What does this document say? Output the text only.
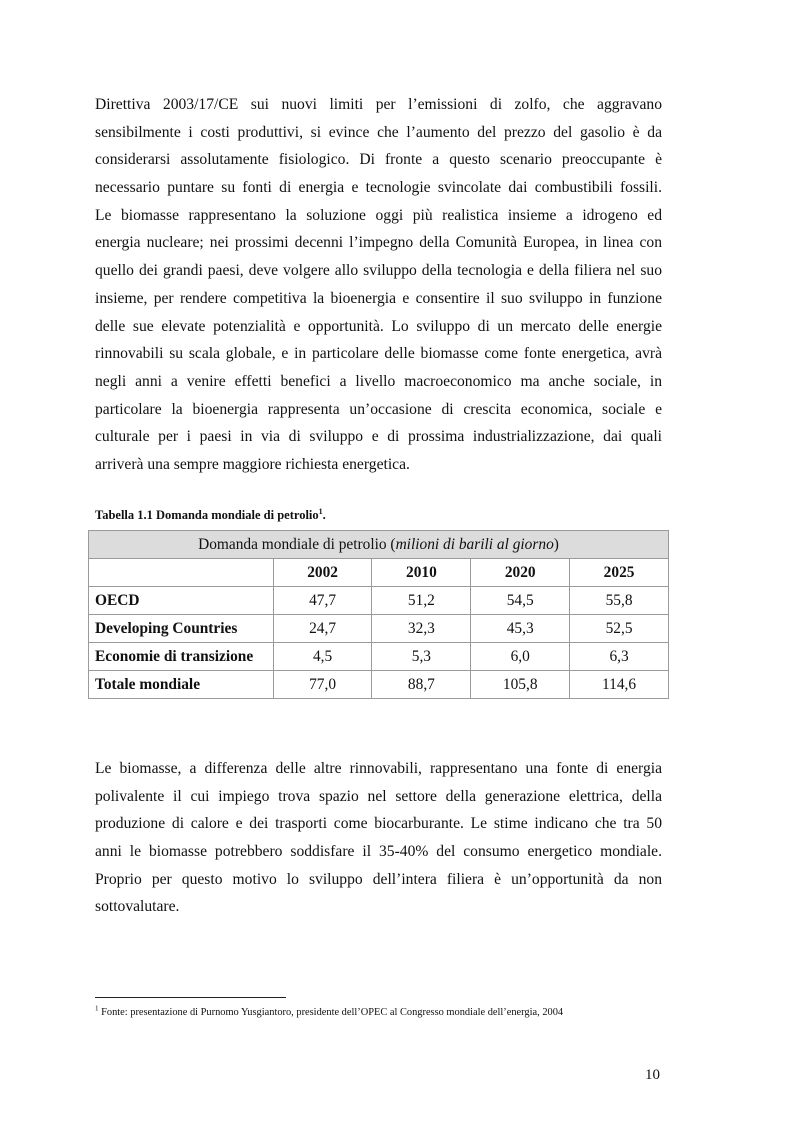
Direttiva 2003/17/CE sui nuovi limiti per l’emissioni di zolfo, che aggravano
sensibilmente i costi produttivi, si evince che l’aumento del prezzo del gasolio è da
considerarsi assolutamente fisiologico. Di fronte a questo scenario preoccupante è
necessario puntare su fonti di energia e tecnologie svincolate dai combustibili fossili.
Le biomasse rappresentano la soluzione oggi più realistica insieme a idrogeno ed
energia nucleare; nei prossimi decenni l’impegno della Comunità Europea, in linea con
quello dei grandi paesi, deve volgere allo sviluppo della tecnologia e della filiera nel suo
insieme, per rendere competitiva la bioenergia e consentire il suo sviluppo in funzione
delle sue elevate potenzialità e opportunità. Lo sviluppo di un mercato delle energie
rinnovabili su scala globale, e in particolare delle biomasse come fonte energetica, avrà
negli anni a venire effetti benefici a livello macroeconomico ma anche sociale, in
particolare la bioenergia rappresenta un’occasione di crescita economica, sociale e
culturale per i paesi in via di sviluppo e di prossima industrializzazione, dai quali
arriverà una sempre maggiore richiesta energetica.

Tabella 1.1 Domanda mondiale di petrolio$^1$.

Domanda mondiale di petrolio (milioni di barili al giorno)				
	2002	2010	2020	2025
OECD	47,7	51,2	54,5	55,8
Developing Countries	24,7	32,3	45,3	52,5
Economie di transizione	4,5	5,3	6,0	6,3
Totale mondiale	77,0	88,7	105,8	114,6
Le biomasse, a differenza delle altre rinnovabili, rappresentano una fonte di energia
polivalente il cui impiego trova spazio nel settore della generazione elettrica, della
produzione di calore e dei trasporti come biocarburante. Le stime indicano che tra 50
anni le biomasse potrebbero soddisfare il 35-40% del consumo energetico mondiale.
Proprio per questo motivo lo sviluppo dell’intera filiera è un’opportunità da non
sottovalutare.

$^1$ Fonte: presentazione di Purnomo Yusgiantoro, presidente dell’OPEC al Congresso mondiale dell’energia, 2004

10
